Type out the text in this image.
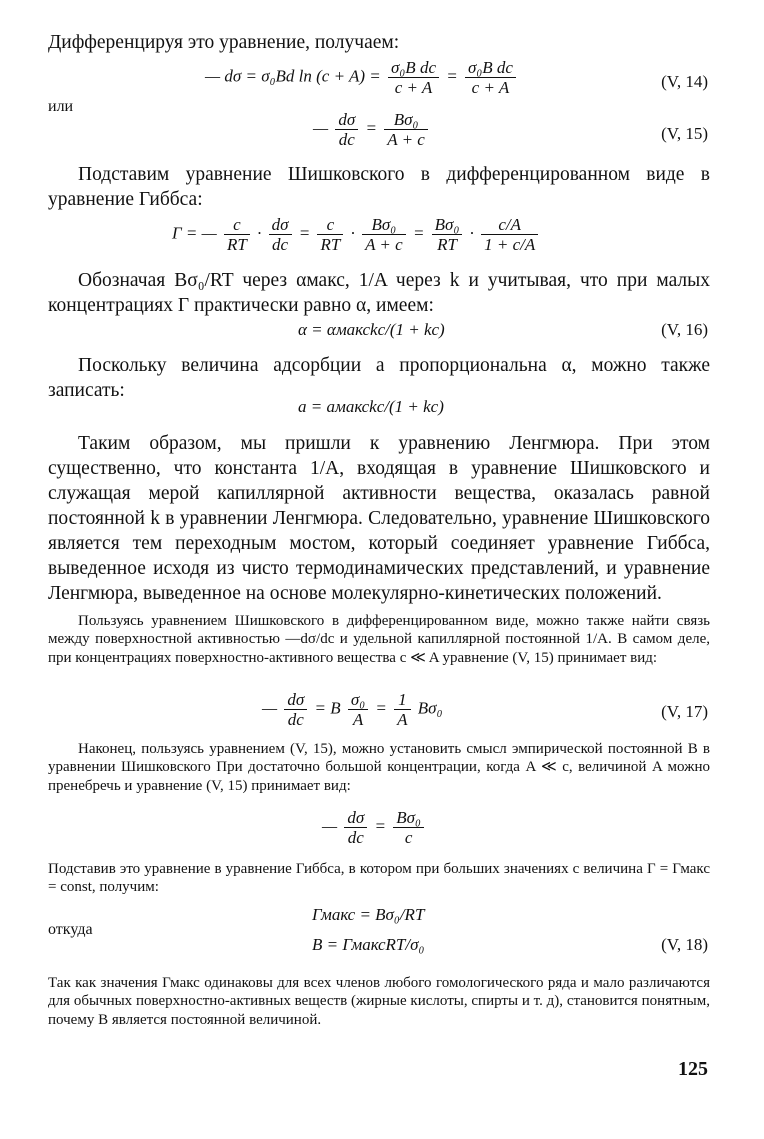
Дифференцируя это уравнение, получаем:

— dσ = σ₀Bd $\ln (c + A) = \frac{\text{σ₀B dc}}{c + A} = \frac{\text{σ₀B dc}}{c + A}$	(V, 14)
или
— $\frac{d\sigma}{dc} = \frac{\text{Bσ₀}}{A + c}$	(V, 15)

Подставим уравнение Шишковского в дифференцированном виде в уравнение Гиббса:

Г = — $\frac{c}{RT} \cdot \frac{d\sigma}{dc} = \frac{c}{RT} \cdot \frac{\text{Bσ₀}}{A + c} = \frac{\text{Bσ₀}}{RT} \cdot \frac{c/A}{1 + c/A}$

Обозначая Bσ₀/RT через αмакс, 1/A через k и учитывая, что при малых концентрациях Г практически равно α, имеем:

α = αмаксkc/(1 + kc)	(V, 16)

Поскольку величина адсорбции a пропорциональна α, можно также записать:

a = aмаксkc/(1 + kc)

Таким образом, мы пришли к уравнению Ленгмюра. При этом существенно, что константа 1/A, входящая в уравнение Шишковского и служащая мерой капиллярной активности вещества, оказалась равной постоянной k в уравнении Ленгмюра. Следовательно, уравнение Шишковского является тем переходным мостом, который соединяет уравнение Гиббса, выведенное исходя из чисто термодинамических представлений, и уравнение Ленгмюра, выведенное на основе молекулярно-кинетических положений.

Пользуясь уравнением Шишковского в дифференцированном виде, можно также найти связь между поверхностной активностью —dσ/dc и удельной капиллярной постоянной 1/A. В самом деле, при концентрациях поверхностно-активного вещества c ≪ A уравнение (V, 15) принимает вид:

— $\frac{d\sigma}{dc} = B \frac{\text{σ₀}}{A} = \frac{1}{A} B\sigma_0$	(V, 17)

Наконец, пользуясь уравнением (V, 15), можно установить смысл эмпирической постоянной B в уравнении Шишковского При достаточно большой концентрации, когда A ≪ c, величиной A можно пренебречь и уравнение (V, 15) принимает вид:

— $\frac{d\sigma}{dc} = \frac{\text{Bσ₀}}{c}$

Подставив это уравнение в уравнение Гиббса, в котором при больших значениях c величина Г = Гмакс = const, получим:

Гмакс = Bσ₀/RT
откуда
B = ГмаксRT/σ₀	(V, 18)

Так как значения Гмакс одинаковы для всех членов любого гомологического ряда и мало различаются для обычных поверхностно-активных веществ (жирные кислоты, спирты и т. д), становится понятным, почему B является постоянной величиной.

125
